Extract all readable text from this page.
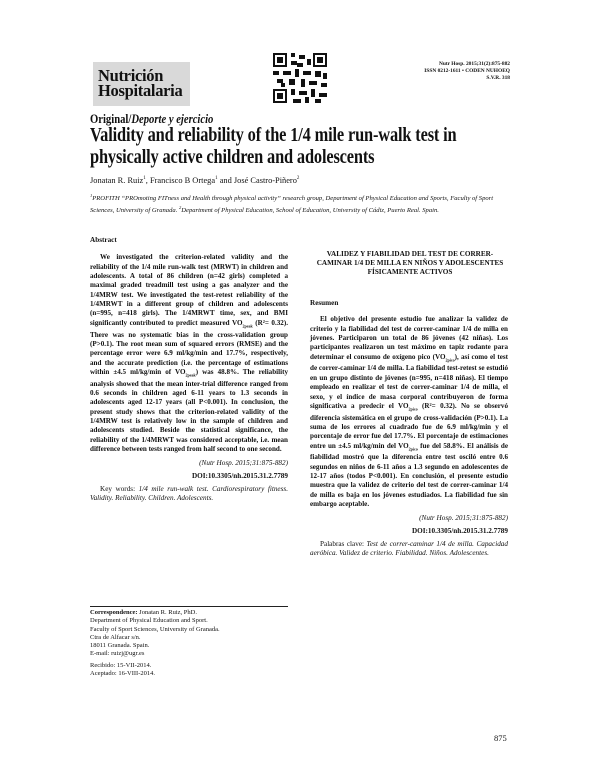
Nutrición
Hospitalaria
Nutr Hosp. 2015;31(2):875-882
ISSN 0212-1611 • CODEN NUHOEQ
S.V.R. 318
Original/Deporte y ejercicio
Validity and reliability of the 1/4 mile run-walk test in physically active children and adolescents
Jonatan R. Ruiz$^1$, Francisco B Ortega$^1$ and José Castro-Piñero$^2$
$^1$PROFITH “PROmoting FITness and Health through physical activity” research group, Department of Physical Education and Sports, Faculty of Sport Sciences, University of Granada. $^2$Department of Physical Education, School of Education, University of Cádiz, Puerto Real. Spain.
Abstract

We investigated the criterion-related validity and the reliability of the 1/4 mile run-walk test (MRWT) in children and adolescents. A total of 86 children (n=42 girls) completed a maximal graded treadmill test using a gas analyzer and the 1/4MRW test. We investigated the test-retest reliability of the 1/4MRWT in a different group of children and adolescents (n=995, n=418 girls). The 1/4MRWT time, sex, and BMI significantly contributed to predict measured $VO_{2peak}$ (R²= 0.32). There was no systematic bias in the cross-validation group (P>0.1). The root mean sum of squared errors (RMSE) and the percentage error were 6.9 ml/kg/min and 17.7%, respectively, and the accurate prediction (i.e. the percentage of estimations within ±4.5 ml/kg/min of $VO_{2peak}$) was 48.8%. The reliability analysis showed that the mean inter-trial difference ranged from 0.6 seconds in children aged 6-11 years to 1.3 seconds in adolescents aged 12-17 years (all P<0.001). In conclusion, the present study shows that the criterion-related validity of the 1/4MRW test is relatively low in the sample of children and adolescents studied. Beside the statistical significance, the reliability of the 1/4MRWT was considered acceptable, i.e. mean difference between tests ranged from half second to one second.

(Nutr Hosp. 2015;31:875-882)
DOI:10.3305/nh.2015.31.2.7789
Key words: 1/4 mile run-walk test. Cardiorespiratory fitness. Validity. Reliability. Children. Adolescents.
VALIDEZ Y FIABILIDAD DEL TEST DE CORRER-CAMINAR 1/4 DE MILLA EN NIÑOS Y ADOLESCENTES FÍSICAMENTE ACTIVOS
Resumen

El objetivo del presente estudio fue analizar la validez de criterio y la fiabilidad del test de correr-caminar 1/4 de milla en jóvenes. Participaron un total de 86 jóvenes (42 niñas). Los participantes realizaron un test máximo en tapiz rodante para determinar el consumo de oxígeno pico $(VO_{2pico})$, así como el test de correr-caminar 1/4 de milla. La fiabilidad test-retest se estudió en un grupo distinto de jóvenes (n=995, n=418 niñas). El tiempo empleado en realizar el test de correr-caminar 1/4 de milla, el sexo, y el índice de masa corporal contribuyeron de forma significativa a predecir el $VO_{2pico}$ (R²= 0.32). No se observó diferencia sistemática en el grupo de cross-validación (P>0.1). La suma de los errores al cuadrado fue de 6.9 ml/kg/min y el porcentaje de error fue del 17.7%. El porcentaje de estimaciones entre un ±4.5 ml/kg/min del $VO_{2pico}$ fue del 58.8%. El análisis de fiabilidad mostró que la diferencia entre test osciló entre 0.6 segundos en niños de 6-11 años a 1.3 segundo en adolescentes de 12-17 años (todos P<0.001). En conclusión, el presente estudio muestra que la validez de criterio del test de correr-caminar 1/4 de milla es baja en los jóvenes estudiados. La fiabilidad fue sin embargo aceptable.

(Nutr Hosp. 2015;31:875-882)
DOI:10.3305/nh.2015.31.2.7789
Palabras clave: Test de correr-caminar 1/4 de milla. Capacidad aeróbica. Validez de criterio. Fiabilidad. Niños. Adolescentes.
Correspondence: Jonatan R. Ruiz, PhD.
Department of Physical Education and Sport.
Faculty of Sport Sciences, University of Granada.
Ctra de Alfacar s/n.
18011 Granada. Spain.
E-mail: ruizj@ugr.es
Recibido: 15-VII-2014.
Aceptado: 16-VIII-2014.
875
